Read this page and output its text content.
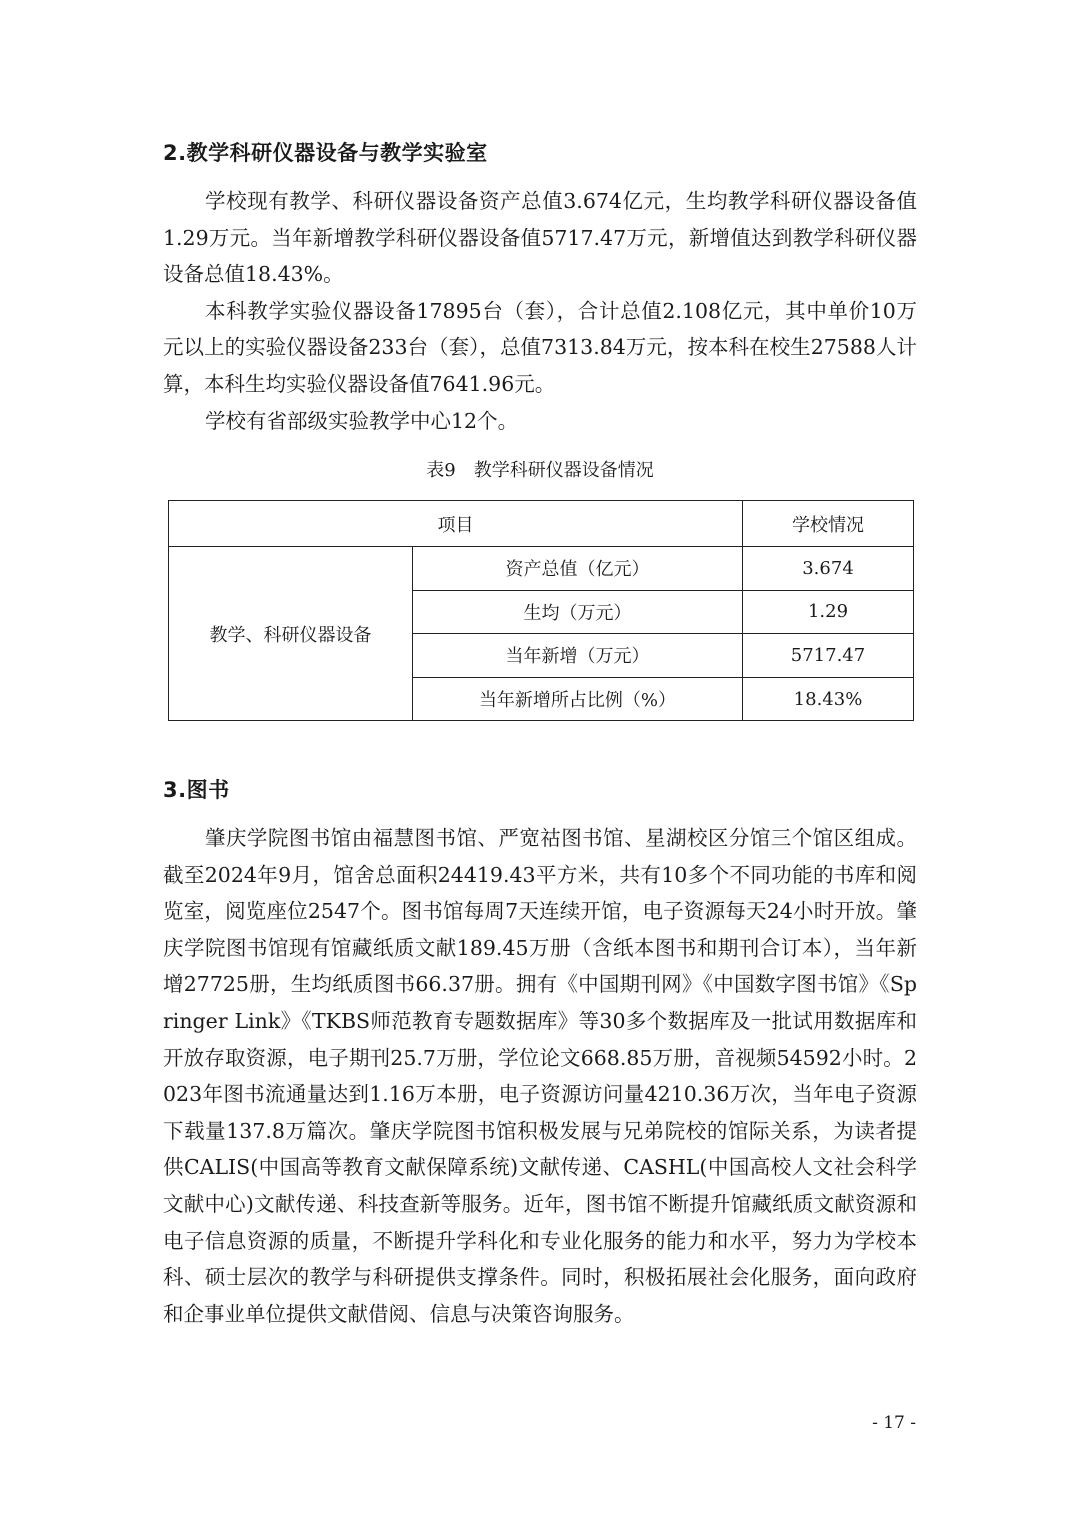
2.教学科研仪器设备与教学实验室

学校现有教学、科研仪器设备资产总值3.674亿元，生均教学科研仪器设备值1.29万元。当年新增教学科研仪器设备值5717.47万元，新增值达到教学科研仪器设备总值18.43%。

本科教学实验仪器设备17895台（套），合计总值2.108亿元，其中单价10万元以上的实验仪器设备233台（套），总值7313.84万元，按本科在校生27588人计算，本科生均实验仪器设备值7641.96元。

学校有省部级实验教学中心12个。

表9　教学科研仪器设备情况

项目		学校情况
教学、科研仪器设备	资产总值（亿元）	3.674
	生均（万元）	1.29
	当年新增（万元）	5717.47
	当年新增所占比例（%）	18.43%
3.图书

肇庆学院图书馆由福慧图书馆、严宽祜图书馆、星湖校区分馆三个馆区组成。截至2024年9月，馆舍总面积24419.43平方米，共有10多个不同功能的书库和阅览室，阅览座位2547个。图书馆每周7天连续开馆，电子资源每天24小时开放。肇庆学院图书馆现有馆藏纸质文献189.45万册（含纸本图书和期刊合订本），当年新增27725册，生均纸质图书66.37册。拥有《中国期刊网》《中国数字图书馆》《Springer Link》《TKBS师范教育专题数据库》等30多个数据库及一批试用数据库和开放存取资源，电子期刊25.7万册，学位论文668.85万册，音视频54592小时。2023年图书流通量达到1.16万本册，电子资源访问量4210.36万次，当年电子资源下载量137.8万篇次。肇庆学院图书馆积极发展与兄弟院校的馆际关系，为读者提供CALIS(中国高等教育文献保障系统)文献传递、CASHL(中国高校人文社会科学文献中心)文献传递、科技查新等服务。近年，图书馆不断提升馆藏纸质文献资源和电子信息资源的质量，不断提升学科化和专业化服务的能力和水平，努力为学校本科、硕士层次的教学与科研提供支撑条件。同时，积极拓展社会化服务，面向政府和企事业单位提供文献借阅、信息与决策咨询服务。

- 17 -
